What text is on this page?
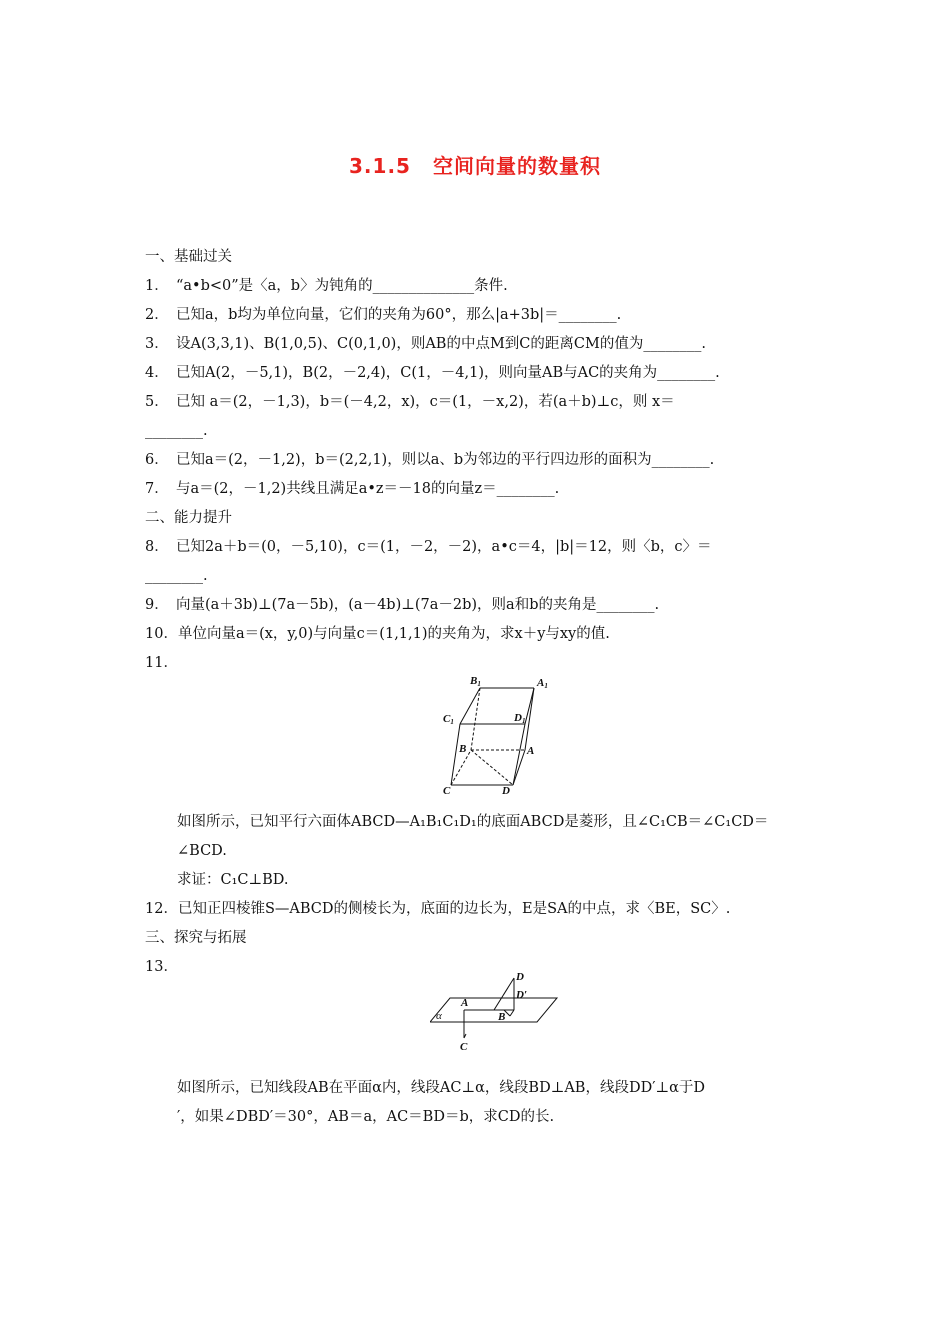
3.1.5 空间向量的数量积
一、基础过关
1．　“a•b<0”是〈a，b〉为钝角的______________条件.
2．　已知a，b均为单位向量，它们的夹角为60°，那么|a+3b|＝________.
3．　设A(3,3,1)、B(1,0,5)、C(0,1,0)，则AB的中点M到C的距离CM的值为________.
4．　已知A(2，－5,1)，B(2，－2,4)，C(1，－4,1)，则向量AB与AC的夹角为________.
5．　已知 a＝(2，－1,3)，b＝(－4,2，x)，c＝(1，－x,2)，若(a＋b)⊥c，则 x＝
________.
6．　已知a＝(2，－1,2)，b＝(2,2,1)，则以a、b为邻边的平行四边形的面积为________.
7．　与a＝(2，－1,2)共线且满足a•z＝－18的向量z＝________.
二、能力提升
8．　已知2a＋b＝(0，－5,10)，c＝(1，－2，－2)，a•c＝4，|b|＝12，则〈b，c〉＝
________.
9．　向量(a＋3b)⊥(7a－5b)，(a－4b)⊥(7a－2b)，则a和b的夹角是________.
10．单位向量a＝(x，y,0)与向量c＝(1,1,1)的夹角为，求x＋y与xy的值.
11．
B1	A1
C1	D1
B	A
C	D
如图所示，已知平行六面体ABCD—A₁B₁C₁D₁的底面ABCD是菱形，且∠C₁CB＝∠C₁CD＝
∠BCD.
求证：C₁C⊥BD.
12．已知正四棱锥S—ABCD的侧棱长为，底面的边长为，E是SA的中点，求〈BE，SC〉.
三、探究与拓展
13．
D
D′
A
B
C
α
如图所示，已知线段AB在平面α内，线段AC⊥α，线段BD⊥AB，线段DD′⊥α于D
′，如果∠DBD′＝30°，AB＝a，AC＝BD＝b，求CD的长.
